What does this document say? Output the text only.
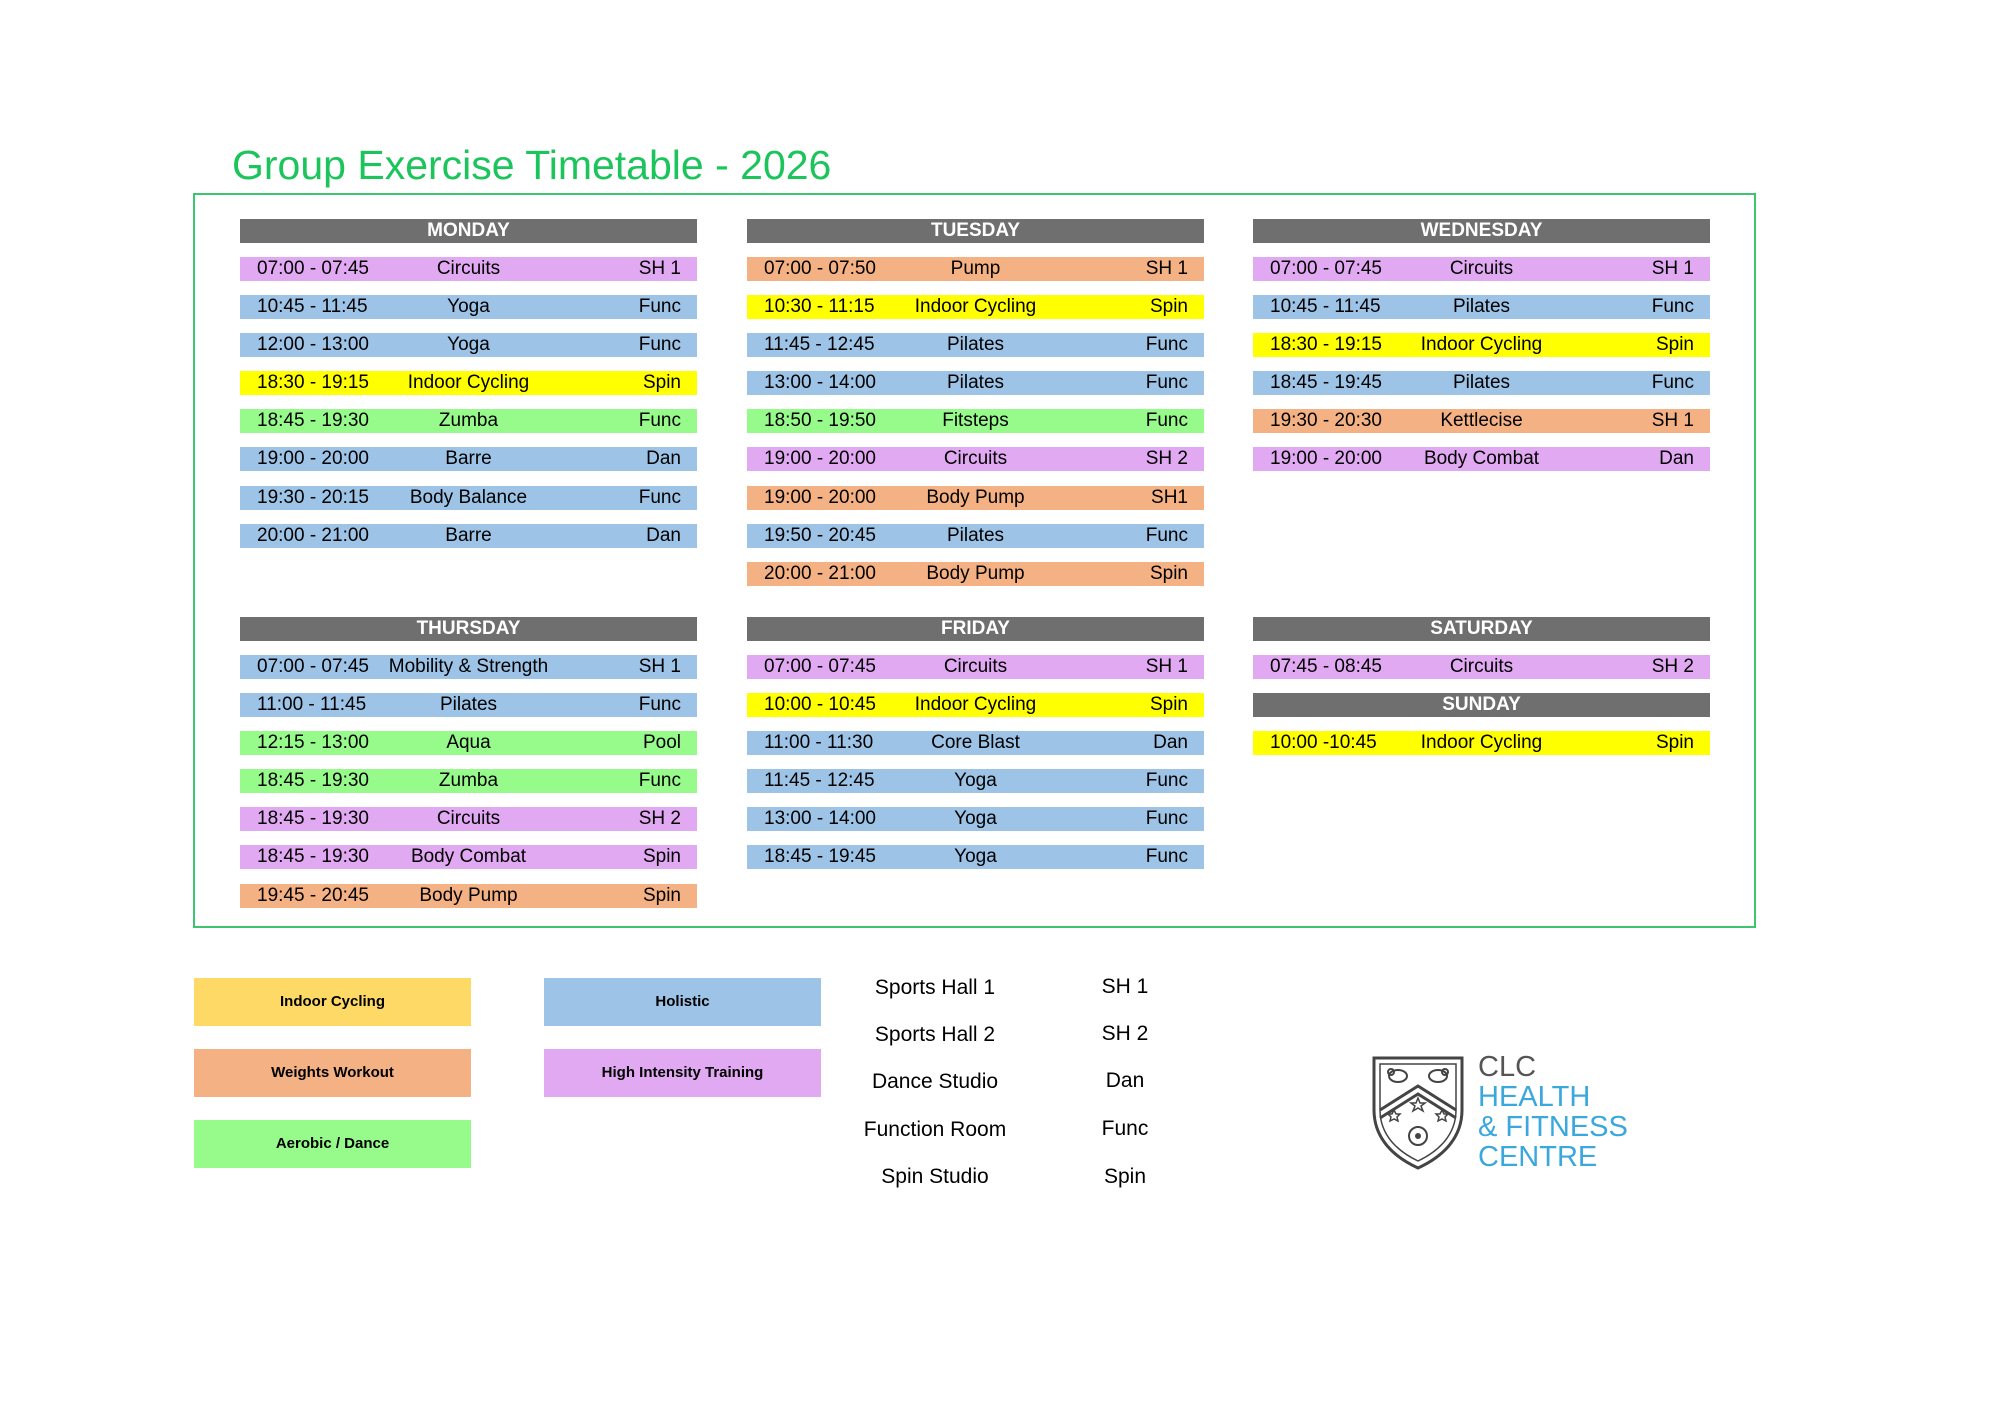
Group Exercise Timetable - 2026
MONDAY
07:00 - 07:45	Circuits	SH 1
10:45 - 11:45	Yoga	Func
12:00 - 13:00	Yoga	Func
18:30 - 19:15	Indoor Cycling	Spin
18:45 - 19:30	Zumba	Func
19:00 - 20:00	Barre	Dan
19:30 - 20:15	Body Balance	Func
20:00 - 21:00	Barre	Dan
TUESDAY
07:00 - 07:50	Pump	SH 1
10:30 - 11:15	Indoor Cycling	Spin
11:45 - 12:45	Pilates	Func
13:00 - 14:00	Pilates	Func
18:50 - 19:50	Fitsteps	Func
19:00 - 20:00	Circuits	SH 2
19:00 - 20:00	Body Pump	SH1
19:50 - 20:45	Pilates	Func
20:00 - 21:00	Body Pump	Spin
WEDNESDAY
07:00 - 07:45	Circuits	SH 1
10:45 - 11:45	Pilates	Func
18:30 - 19:15	Indoor Cycling	Spin
18:45 - 19:45	Pilates	Func
19:30 - 20:30	Kettlecise	SH 1
19:00 - 20:00	Body Combat	Dan
THURSDAY
07:00 - 07:45	Mobility & Strength	SH 1
11:00 - 11:45	Pilates	Func
12:15 - 13:00	Aqua	Pool
18:45 - 19:30	Zumba	Func
18:45 - 19:30	Circuits	SH 2
18:45 - 19:30	Body Combat	Spin
19:45 - 20:45	Body Pump	Spin
FRIDAY
07:00 - 07:45	Circuits	SH 1
10:00 - 10:45	Indoor Cycling	Spin
11:00 - 11:30	Core Blast	Dan
11:45 - 12:45	Yoga	Func
13:00 - 14:00	Yoga	Func
18:45 - 19:45	Yoga	Func
SATURDAY
07:45 - 08:45	Circuits	SH 2
SUNDAY
10:00 -10:45	Indoor Cycling	Spin
Indoor Cycling
Weights Workout
Aerobic / Dance
Holistic
High Intensity Training
Sports Hall 1	SH 1
Sports Hall 2	SH 2
Dance Studio	Dan
Function Room	Func
Spin Studio	Spin
CLC
HEALTH
& FITNESS
CENTRE
